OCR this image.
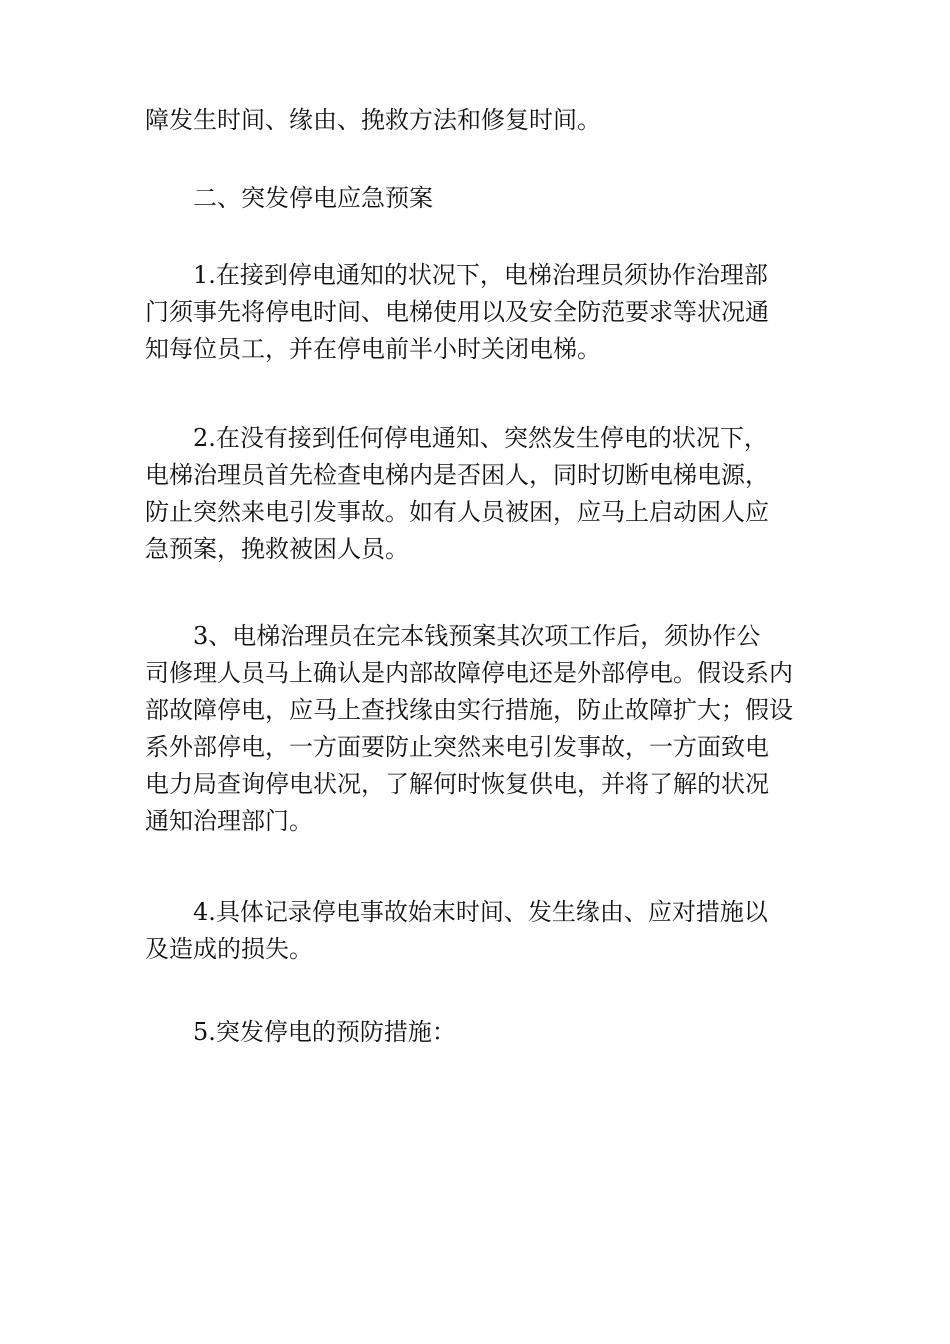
障发生时间、缘由、挽救方法和修复时间。

二、突发停电应急预案

1.在接到停电通知的状况下，电梯治理员须协作治理部
门须事先将停电时间、电梯使用以及安全防范要求等状况通
知每位员工，并在停电前半小时关闭电梯。

2.在没有接到任何停电通知、突然发生停电的状况下，
电梯治理员首先检查电梯内是否困人，同时切断电梯电源，
防止突然来电引发事故。如有人员被困，应马上启动困人应
急预案，挽救被困人员。

3、电梯治理员在完本钱预案其次项工作后，须协作公
司修理人员马上确认是内部故障停电还是外部停电。假设系内
部故障停电，应马上查找缘由实行措施，防止故障扩大；假设
系外部停电，一方面要防止突然来电引发事故，一方面致电
电力局查询停电状况，了解何时恢复供电，并将了解的状况
通知治理部门。

4.具体记录停电事故始末时间、发生缘由、应对措施以
及造成的损失。

5.突发停电的预防措施：
